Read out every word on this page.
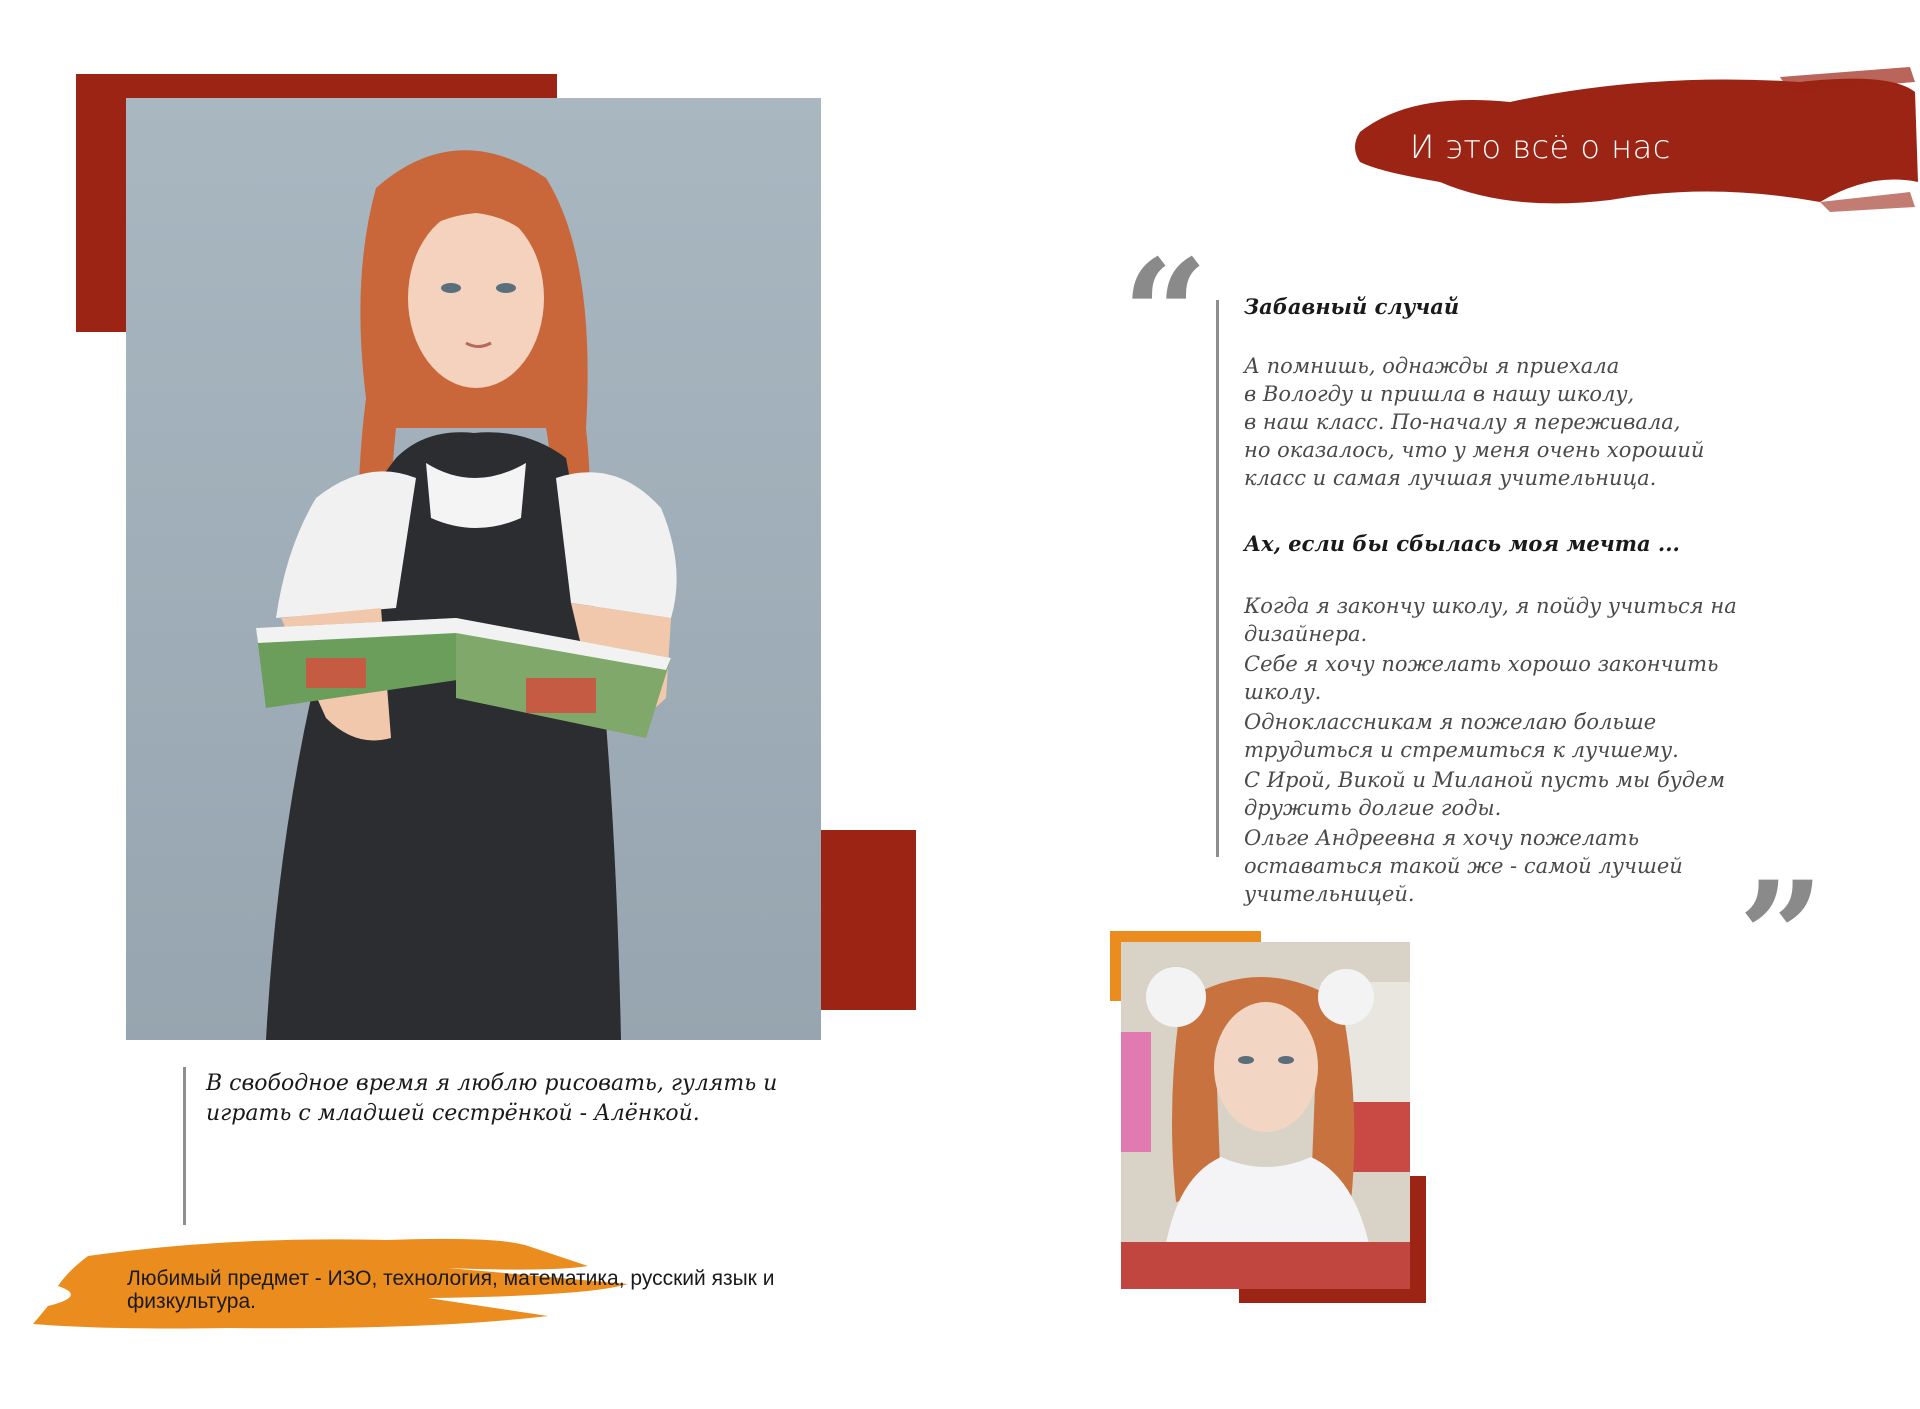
И это всё о нас
“
”
Забавный случай
А помнишь, однажды я приехала
в Вологду и пришла в нашу школу,
в наш класс. По-началу я переживала,
но оказалось, что у меня очень хороший
класс и самая лучшая учительница.
Ах, если бы сбылась моя мечта ...
Когда я закончу школу, я пойду учиться на дизайнера.
Себе я хочу пожелать хорошо закончить школу.
Одноклассникам я пожелаю больше трудиться и стремиться к лучшему.
С Ирой, Викой и Миланой пусть мы будем дружить долгие годы.
Ольге Андреевна я хочу пожелать оставаться такой же - самой лучшей учительницей.
В свободное время я люблю рисовать, гулять и играть с младшей сестрёнкой - Алёнкой.
Любимый предмет - ИЗО, технология, математика, русский язык и физкультура.
